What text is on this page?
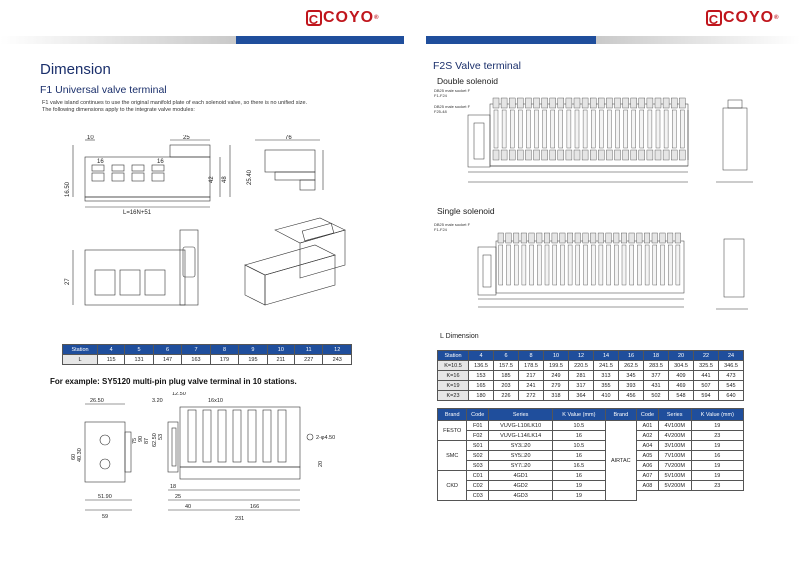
C COYO®	C COYO®
Dimension
F1 Universal valve terminal
F1 valve island continues to use the original manifold plate of each solenoid valve, so there is no unified size.
The following dimensions apply to the integrate valve modules:
10	25	76
16	16
42 48	25.40
16.50
L=16N+51
27
Station	4	5	6	7	8	9	10	11	12
L	115	131	147	163	179	195	211	227	243
For example: SY5120 multi-pin plug valve terminal in 10 stations.
26.50	3.20
12.50
16x10
40.30
60
62.50 53
90 87
75	2-φ4.50
20
18
25
40	166
51.90
59	231
F2S Valve terminal
Double solenoid
DB25 male socket F
F1-F24
DB25 male socket F
F25-48
Single solenoid
DB25 male socket F
F1-F24
L Dimension
Station	4	6	8	10	12	14	16	18	20	22	24
K=10.5	136.5	157.5	178.5	199.5	220.5	241.5	262.5	283.5	304.5	325.5	346.5
K=16	153	185	217	249	281	313	345	377	409	441	473
K=19	165	203	241	279	317	355	393	431	469	507	545
K=23	180	226	272	318	364	410	456	502	548	594	640
Brand	Code	Series	K Value (mm)	Brand	Code	Series	K Value (mm)
FESTO	F01	VUVG-L10/LK10	10.5	AIRTAC	A01	4V100M	19
	F02	VUVG-L14/LK14	16		A02	4V200M	23
SMC	S01	SY3□20	10.5		A04	3V100M	19
	S02	SY5□20	16		A05	7V100M	16
	S03	SY7□20	16.5		A06	7V200M	19
CKD	C01	4GD1	16		A07	5V100M	19
	C02	4GD2	19		A08	5V200M	23
	C03	4GD3	19				
